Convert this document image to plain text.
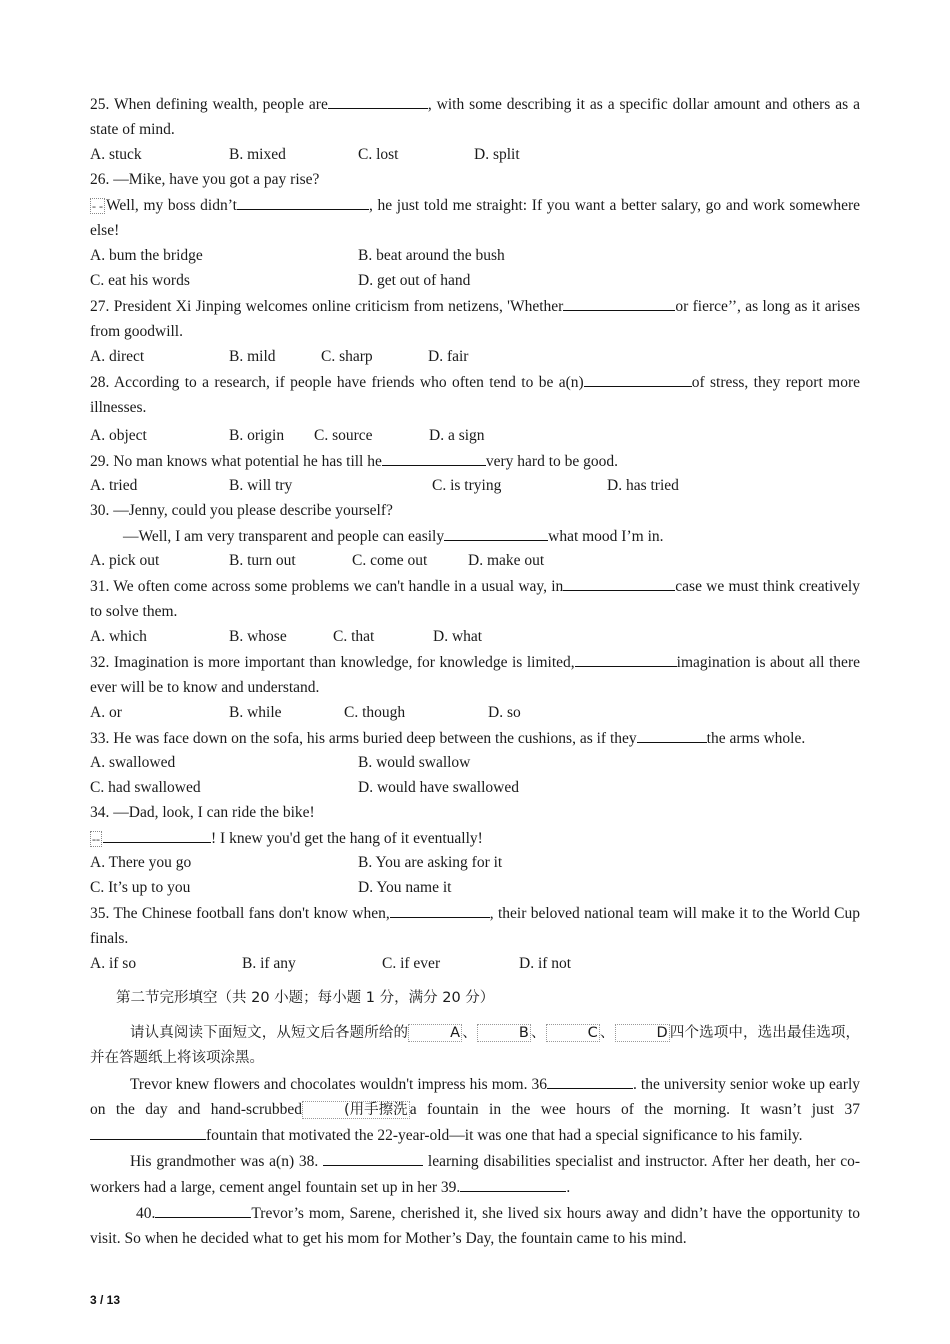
25. When defining wealth, people are	, with some describing it as a specific dollar amount and others as a state of mind.
A. stuck	B. mixed	C. lost	D. split
26. —Mike, have you got a pay rise?
- - Well, my boss didn’t	, he just told me straight: If you want a better salary, go and work somewhere else!
A. bum the bridge	B. beat around the bush
C. eat his words	D. get out of hand
27. President Xi Jinping welcomes online criticism from netizens, 'Whether	or fierce’’, as long as it arises from goodwill.
A. direct	B. mild	C. sharp	D. fair
28. According to a research, if people have friends who often tend to be a(n)	of stress, they report more illnesses.
A. object	B. origin C. source	D. a sign
29. No man knows what potential he has till he	very hard to be good.
A. tried	B. will try	C. is trying	D. has tried
30. —Jenny, could you please describe yourself?
—Well, I am very transparent and people can easily	what mood I’m in.
A. pick out	B. turn out	C. come out	D. make out
31. We often come across some problems we can't handle in a usual way, in	case we must think creatively to solve them.
A. which	B. whose	C. that	D. what
32. Imagination is more important than knowledge, for knowledge is limited,	imagination is about all there ever will be to know and understand.
A. or	B. while	C. though	D. so
33. He was face down on the sofa, his arms buried deep between the cushions, as if they	the arms whole.
A. swallowed	B. would swallow
C. had swallowed	D. would have swallowed
34. —Dad, look, I can ride the bike!
--	! I knew you'd get the hang of it eventually!
A. There you go	B. You are asking for it
C. It’s up to you	D. You name it
35. The Chinese football fans don't know when,	, their beloved national team will make it to the World Cup finals.
A. if so	B. if any	C. if ever	D. if not
第二节完形填空（共 20 小题；每小题 1 分，满分 20 分）
请认真阅读下面短文，从短文后各题所给的	A 、	B 、	C 、	D 四个选项中，选出最佳选项，并在答题纸上将该项涂黑。
Trevor knew flowers and chocolates wouldn't impress his mom. 36	. the university senior woke up early on the day and hand-scrubbed	(用手擦洗 a fountain in the wee hours of the morning. It wasn’t just 37 fountain that motivated the 22-year-old—it was one that had a special significance to his family.
His grandmother was a(n) 38.	learning disabilities specialist and instructor. After her death, her co-workers had a large, cement angel fountain set up in her 39.	.
40.	Trevor’s mom, Sarene, cherished it, she lived six hours away and didn’t have the opportunity to visit. So when he decided what to get his mom for Mother’s Day, the fountain came to his mind.
3 / 13
